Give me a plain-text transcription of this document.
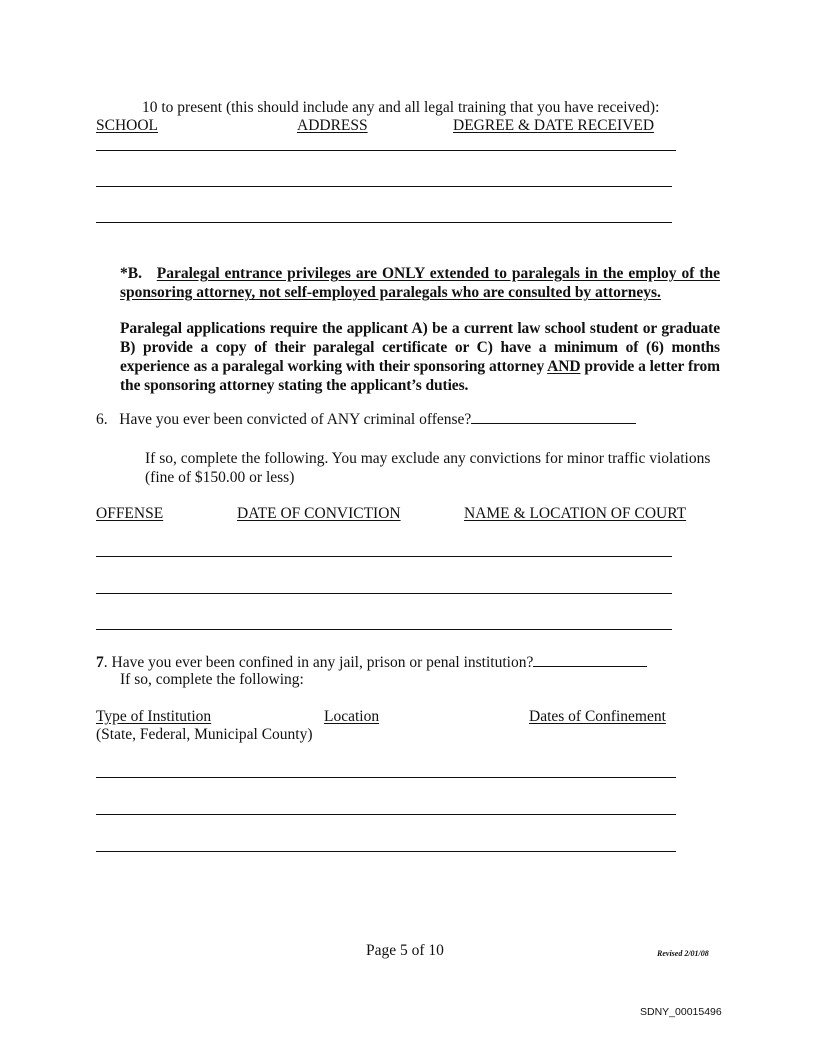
10 to present (this should include any and all legal training that you have received):
SCHOOL	ADDRESS	DEGREE & DATE RECEIVED
*B. Paralegal entrance privileges are ONLY extended to paralegals in the employ of the sponsoring attorney, not self-employed paralegals who are consulted by attorneys.
Paralegal applications require the applicant A) be a current law school student or graduate B) provide a copy of their paralegal certificate or C) have a minimum of (6) months experience as a paralegal working with their sponsoring attorney AND provide a letter from the sponsoring attorney stating the applicant’s duties.
6. Have you ever been convicted of ANY criminal offense?
If so, complete the following. You may exclude any convictions for minor traffic violations (fine of $150.00 or less)
OFFENSE	DATE OF CONVICTION	NAME & LOCATION OF COURT
7. Have you ever been confined in any jail, prison or penal institution?
If so, complete the following:
Type of Institution	Location	Dates of Confinement
(State, Federal, Municipal County)
Page 5 of 10	Revised 2/01/08
SDNY_00015496
